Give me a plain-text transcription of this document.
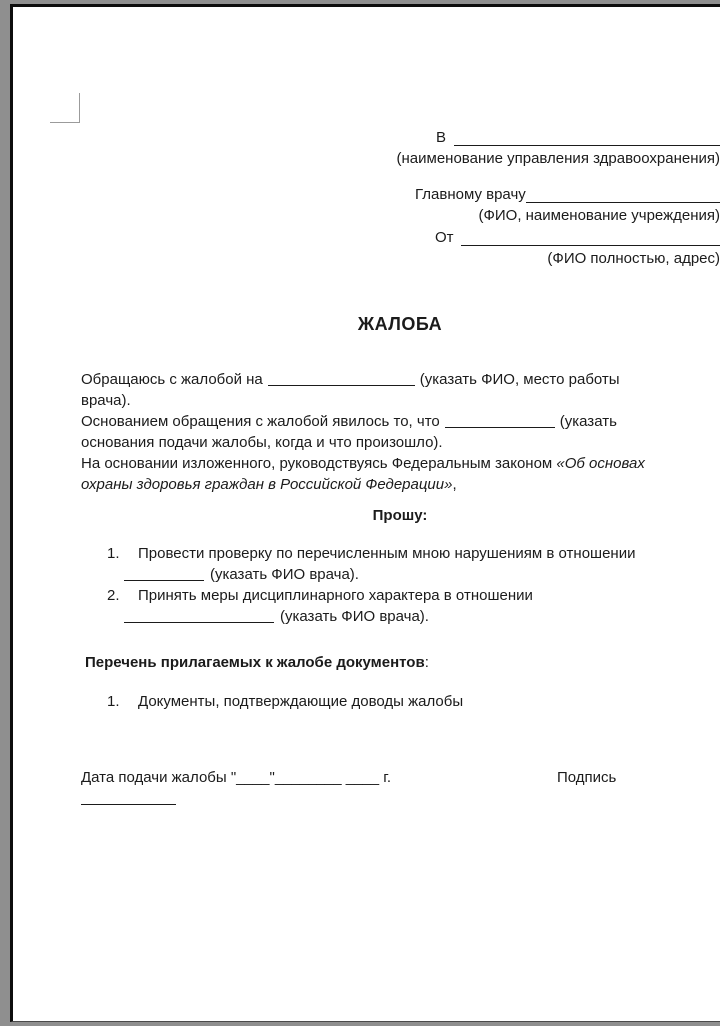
В
(наименование управления здравоохранения)
Главному врачу
(ФИО, наименование учреждения)
От
(ФИО полностью, адрес)
ЖАЛОБА
Обращаюсь с жалобой на	(указать ФИО, место работы
врача).
Основанием обращения с жалобой явилось то, что	(указать
основания подачи жалобы, когда и что произошло).
На основании изложенного, руководствуясь Федеральным законом «Об основах
охраны здоровья граждан в Российской Федерации»,
Прошу:
1. Провести проверку по перечисленным мною нарушениям в отношении
(указать ФИО врача).
2. Принять меры дисциплинарного характера в отношении
(указать ФИО врача).
Перечень прилагаемых к жалобе документов:
1. Документы, подтверждающие доводы жалобы
Дата подачи жалобы "____"________ ____ г.	Подпись
